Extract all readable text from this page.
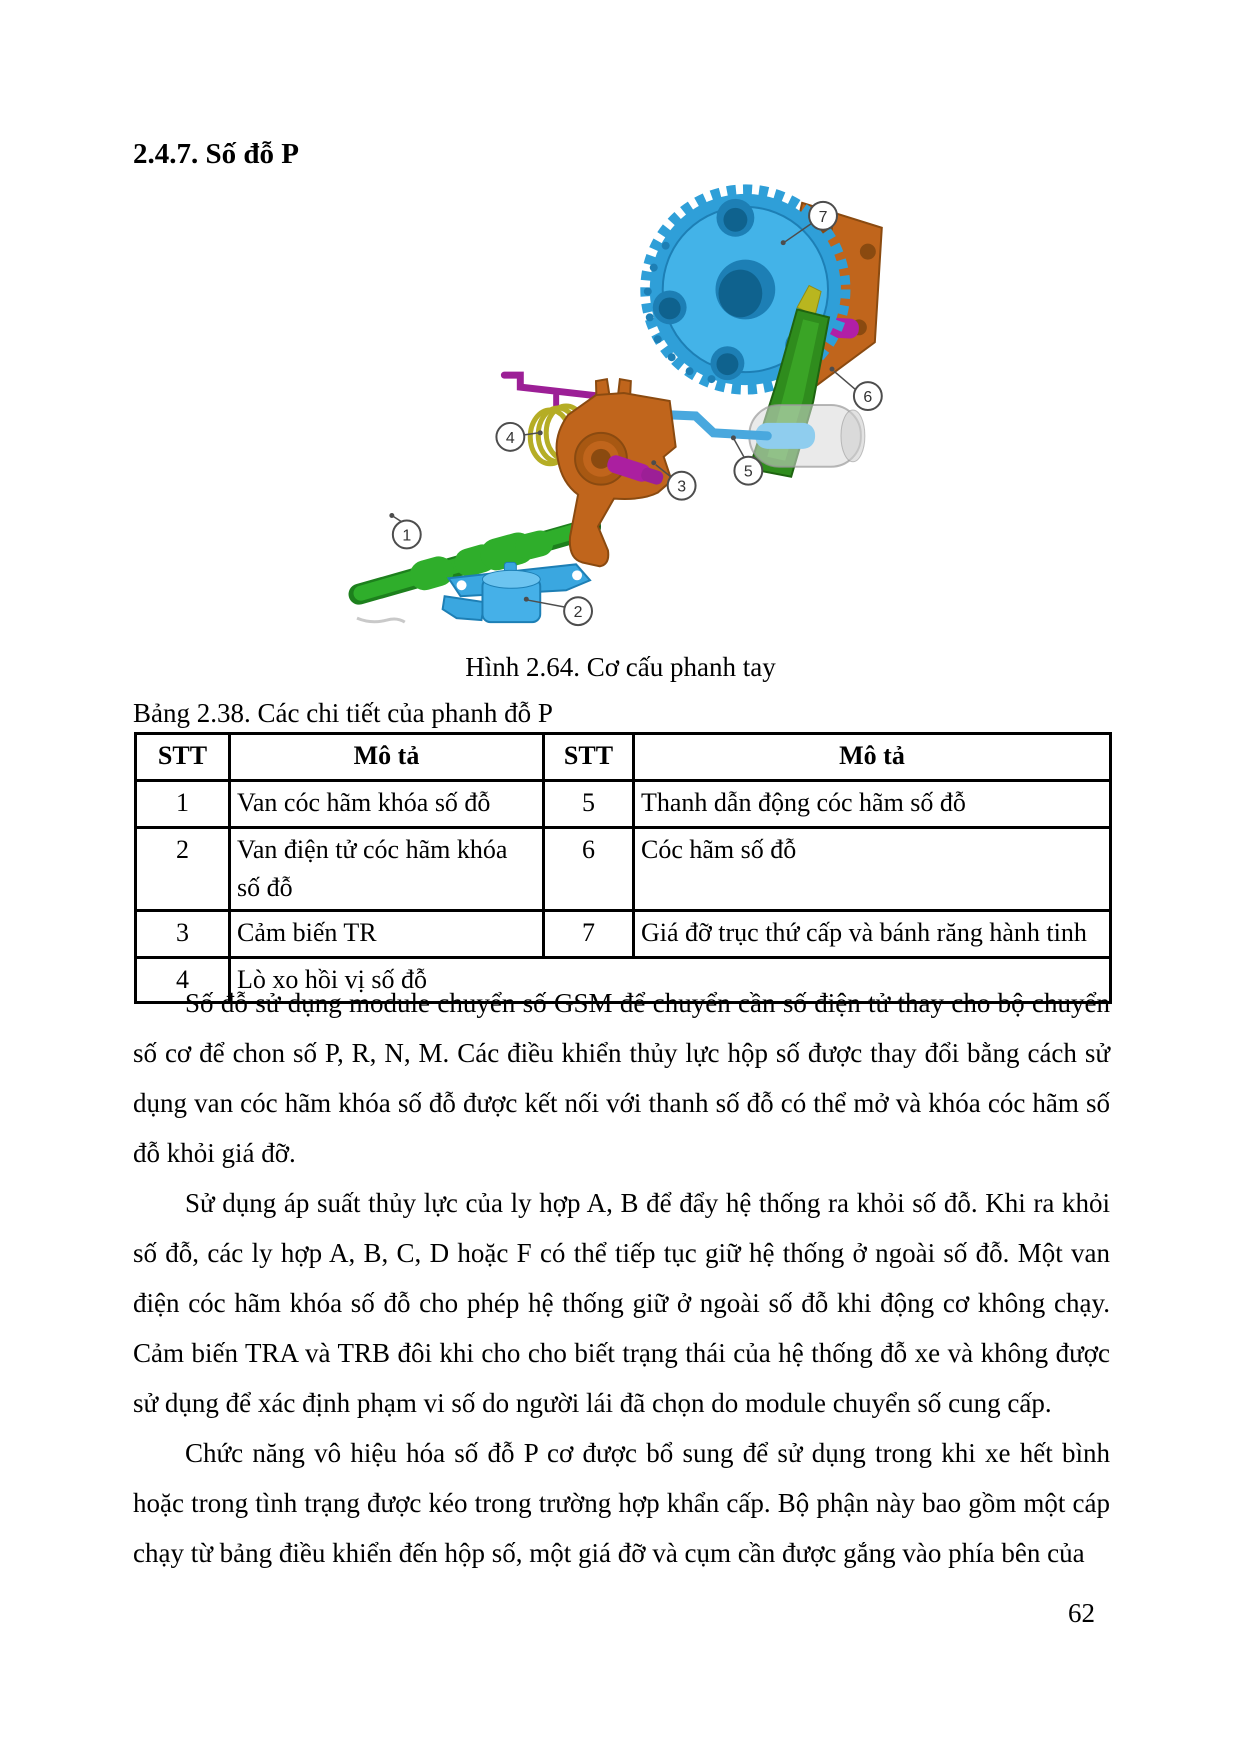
2.4.7. Số đỗ P
1
2
3
4
5
6
7
Hình 2.64. Cơ cấu phanh tay
Bảng 2.38. Các chi tiết của phanh đỗ P
STT	Mô tả	STT	Mô tả
1	Van cóc hãm khóa số đỗ	5	Thanh dẫn động cóc hãm số đỗ
2	Van điện tử cóc hãm khóa số đỗ	6	Cóc hãm số đỗ
3	Cảm biến TR	7	Giá đỡ trục thứ cấp và bánh răng hành tinh
4	Lò xo hồi vị số đỗ		

Số đỗ sử dụng module chuyển số GSM để chuyển cần số điện tử thay cho bộ chuyển số cơ để chon số P, R, N, M. Các điều khiển thủy lực hộp số được thay đổi bằng cách sử dụng van cóc hãm khóa số đỗ được kết nối với thanh số đỗ có thể mở và khóa cóc hãm số đỗ khỏi giá đỡ.

Sử dụng áp suất thủy lực của ly hợp A, B để đẩy hệ thống ra khỏi số đỗ. Khi ra khỏi số đỗ, các ly hợp A, B, C, D hoặc F có thể tiếp tục giữ hệ thống ở ngoài số đỗ. Một van điện cóc hãm khóa số đỗ cho phép hệ thống giữ ở ngoài số đỗ khi động cơ không chạy. Cảm biến TRA và TRB đôi khi cho cho biết trạng thái của hệ thống đỗ xe và không được sử dụng để xác định phạm vi số do người lái đã chọn do module chuyển số cung cấp.

Chức năng vô hiệu hóa số đỗ P cơ được bổ sung để sử dụng trong khi xe hết bình hoặc trong tình trạng được kéo trong trường hợp khẩn cấp. Bộ phận này bao gồm một cáp chạy từ bảng điều khiển đến hộp số, một giá đỡ và cụm cần được gắng vào phía bên của

62
